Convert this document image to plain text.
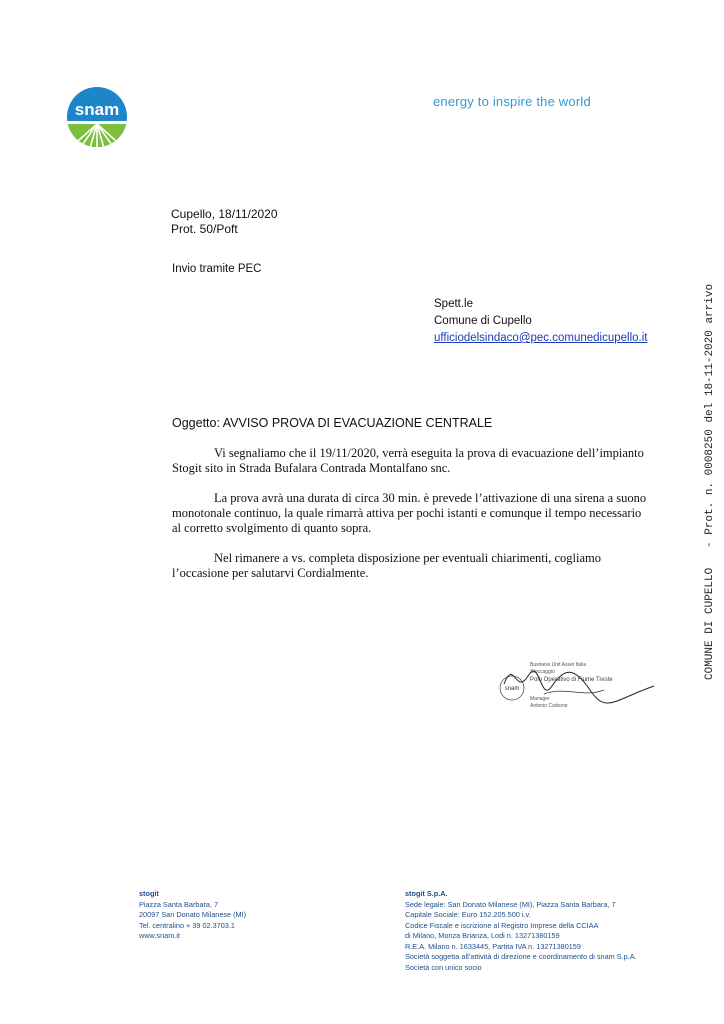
snam	energy to inspire the world
Cupello, 18/11/2020
Prot. 50/Poft
Invio tramite PEC
Spett.le
Comune di Cupello
ufficiodelsindaco@pec.comunedicupello.it
Oggetto: AVVISO PROVA DI EVACUAZIONE CENTRALE

Vi segnaliamo che il 19/11/2020, verrà eseguita la prova di evacuazione dell’impianto Stogit sito in Strada Bufalara Contrada Montalfano snc.

La prova avrà una durata di circa 30 min. è prevede l’attivazione di una sirena a suono monotonale continuo, la quale rimarrà attiva per pochi istanti e comunque il tempo necessario al corretto svolgimento di quanto sopra.

Nel rimanere a vs. completa disposizione per eventuali chiarimenti, cogliamo l’occasione per salutarvi Cordialmente.

snam
Business Unit Asset Italia
Stoccaggio
Polo Operativo di Fiume Treste
Manager
Antonio Carbone
COMUNE DI CUPELLO   - Prot. n. 0008250 del 18-11-2020 arrivo
stogit
Piazza Santa Barbara, 7
20097 San Donato Milanese (MI)
Tel. centralino + 39 02.3703.1
www.snam.it
stogit S.p.A.
Sede legale: San Donato Milanese (MI), Piazza Santa Barbara, 7
Capitale Sociale: Euro 152.205.500 i.v.
Codice Fiscale e iscrizione al Registro Imprese della CCIAA
di Milano, Monza Brianza, Lodi n. 13271380159
R.E.A. Milano n. 1633445, Partita IVA n. 13271380159
Società soggetta all’attività di direzione e coordinamento di snam S.p.A.
Società con unico socio
